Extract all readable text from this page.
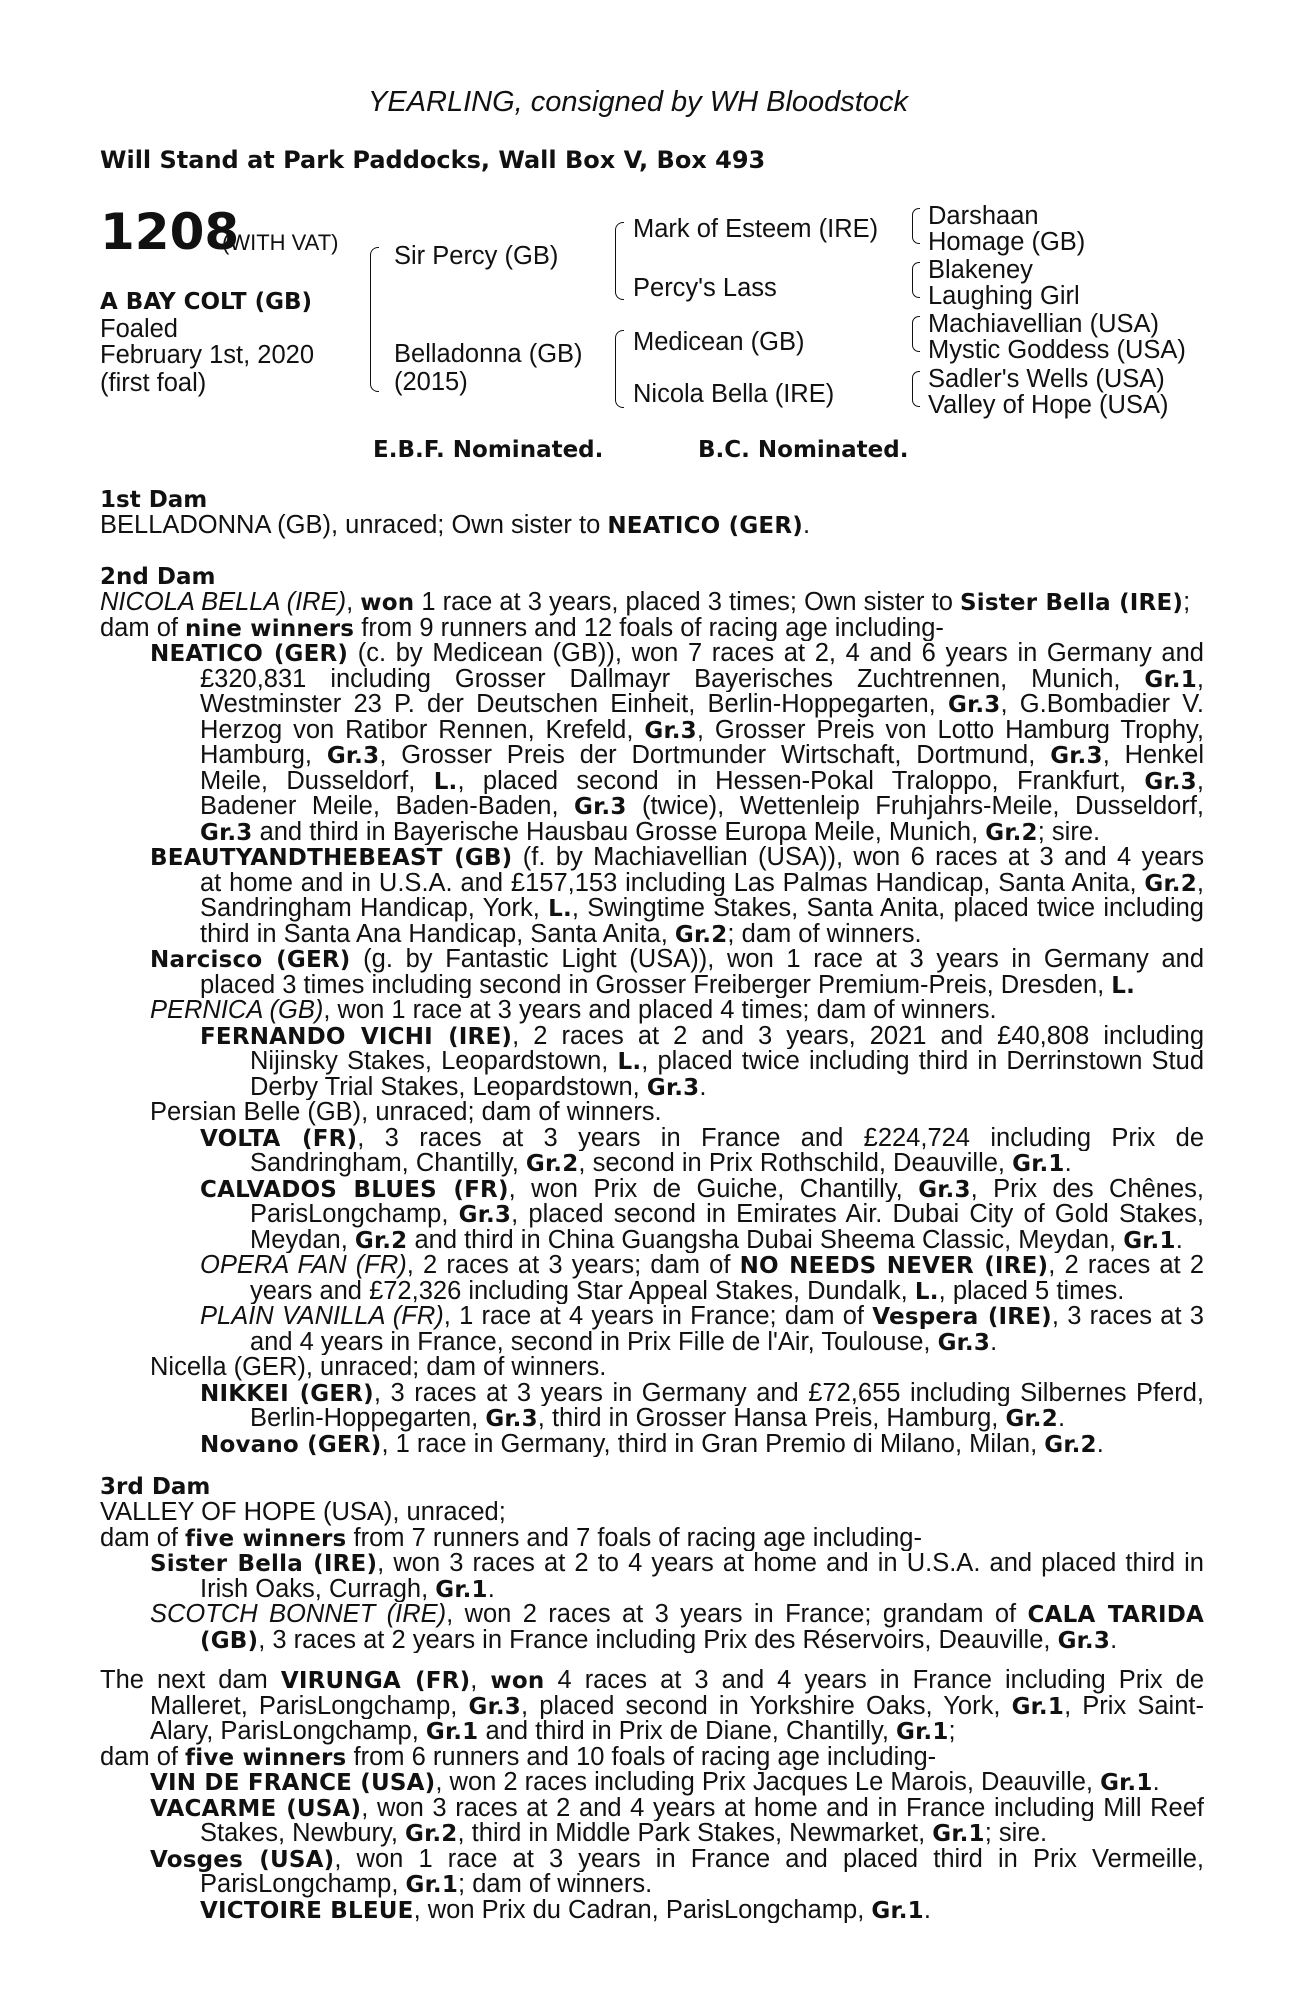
YEARLING, consigned by WH Bloodstock
Will Stand at Park Paddocks, Wall Box V, Box 493
1208
(WITH VAT)
A BAY COLT (GB)
Foaled
February 1st, 2020
(first foal)
Sir Percy (GB)
Belladonna (GB)
(2015)
Mark of Esteem (IRE)
Percy's Lass
Medicean (GB)
Nicola Bella (IRE)
Darshaan
Homage (GB)
Blakeney
Laughing Girl
Machiavellian (USA)
Mystic Goddess (USA)
Sadler's Wells (USA)
Valley of Hope (USA)
E.B.F. Nominated.	B.C. Nominated.
1st Dam
BELLADONNA (GB), unraced; Own sister to NEATICO (GER).
2nd Dam
NICOLA BELLA (IRE), won 1 race at 3 years, placed 3 times; Own sister to Sister Bella (IRE);
dam of nine winners from 9 runners and 12 foals of racing age including-
NEATICO (GER) (c. by Medicean (GB)), won 7 races at 2, 4 and 6 years in Germany and
£320,831 including Grosser Dallmayr Bayerisches Zuchtrennen, Munich, Gr.1,
Westminster 23 P. der Deutschen Einheit, Berlin-Hoppegarten, Gr.3, G.Bombadier V.
Herzog von Ratibor Rennen, Krefeld, Gr.3, Grosser Preis von Lotto Hamburg Trophy,
Hamburg, Gr.3, Grosser Preis der Dortmunder Wirtschaft, Dortmund, Gr.3, Henkel
Meile, Dusseldorf, L., placed second in Hessen-Pokal Traloppo, Frankfurt, Gr.3,
Badener Meile, Baden-Baden, Gr.3 (twice), Wettenleip Fruhjahrs-Meile, Dusseldorf,
Gr.3 and third in Bayerische Hausbau Grosse Europa Meile, Munich, Gr.2; sire.
BEAUTYANDTHEBEAST (GB) (f. by Machiavellian (USA)), won 6 races at 3 and 4 years
at home and in U.S.A. and £157,153 including Las Palmas Handicap, Santa Anita, Gr.2,
Sandringham Handicap, York, L., Swingtime Stakes, Santa Anita, placed twice including
third in Santa Ana Handicap, Santa Anita, Gr.2; dam of winners.
Narcisco (GER) (g. by Fantastic Light (USA)), won 1 race at 3 years in Germany and
placed 3 times including second in Grosser Freiberger Premium-Preis, Dresden, L.
PERNICA (GB), won 1 race at 3 years and placed 4 times; dam of winners.
FERNANDO VICHI (IRE), 2 races at 2 and 3 years, 2021 and £40,808 including
Nijinsky Stakes, Leopardstown, L., placed twice including third in Derrinstown Stud
Derby Trial Stakes, Leopardstown, Gr.3.
Persian Belle (GB), unraced; dam of winners.
VOLTA (FR), 3 races at 3 years in France and £224,724 including Prix de
Sandringham, Chantilly, Gr.2, second in Prix Rothschild, Deauville, Gr.1.
CALVADOS BLUES (FR), won Prix de Guiche, Chantilly, Gr.3, Prix des Chênes,
ParisLongchamp, Gr.3, placed second in Emirates Air. Dubai City of Gold Stakes,
Meydan, Gr.2 and third in China Guangsha Dubai Sheema Classic, Meydan, Gr.1.
OPERA FAN (FR), 2 races at 3 years; dam of NO NEEDS NEVER (IRE), 2 races at 2
years and £72,326 including Star Appeal Stakes, Dundalk, L., placed 5 times.
PLAIN VANILLA (FR), 1 race at 4 years in France; dam of Vespera (IRE), 3 races at 3
and 4 years in France, second in Prix Fille de l'Air, Toulouse, Gr.3.
Nicella (GER), unraced; dam of winners.
NIKKEI (GER), 3 races at 3 years in Germany and £72,655 including Silbernes Pferd,
Berlin-Hoppegarten, Gr.3, third in Grosser Hansa Preis, Hamburg, Gr.2.
Novano (GER), 1 race in Germany, third in Gran Premio di Milano, Milan, Gr.2.
3rd Dam
VALLEY OF HOPE (USA), unraced;
dam of five winners from 7 runners and 7 foals of racing age including-
Sister Bella (IRE), won 3 races at 2 to 4 years at home and in U.S.A. and placed third in
Irish Oaks, Curragh, Gr.1.
SCOTCH BONNET (IRE), won 2 races at 3 years in France; grandam of CALA TARIDA
(GB), 3 races at 2 years in France including Prix des Réservoirs, Deauville, Gr.3.
The next dam VIRUNGA (FR), won 4 races at 3 and 4 years in France including Prix de
Malleret, ParisLongchamp, Gr.3, placed second in Yorkshire Oaks, York, Gr.1, Prix Saint-
Alary, ParisLongchamp, Gr.1 and third in Prix de Diane, Chantilly, Gr.1;
dam of five winners from 6 runners and 10 foals of racing age including-
VIN DE FRANCE (USA), won 2 races including Prix Jacques Le Marois, Deauville, Gr.1.
VACARME (USA), won 3 races at 2 and 4 years at home and in France including Mill Reef
Stakes, Newbury, Gr.2, third in Middle Park Stakes, Newmarket, Gr.1; sire.
Vosges (USA), won 1 race at 3 years in France and placed third in Prix Vermeille,
ParisLongchamp, Gr.1; dam of winners.
VICTOIRE BLEUE, won Prix du Cadran, ParisLongchamp, Gr.1.
